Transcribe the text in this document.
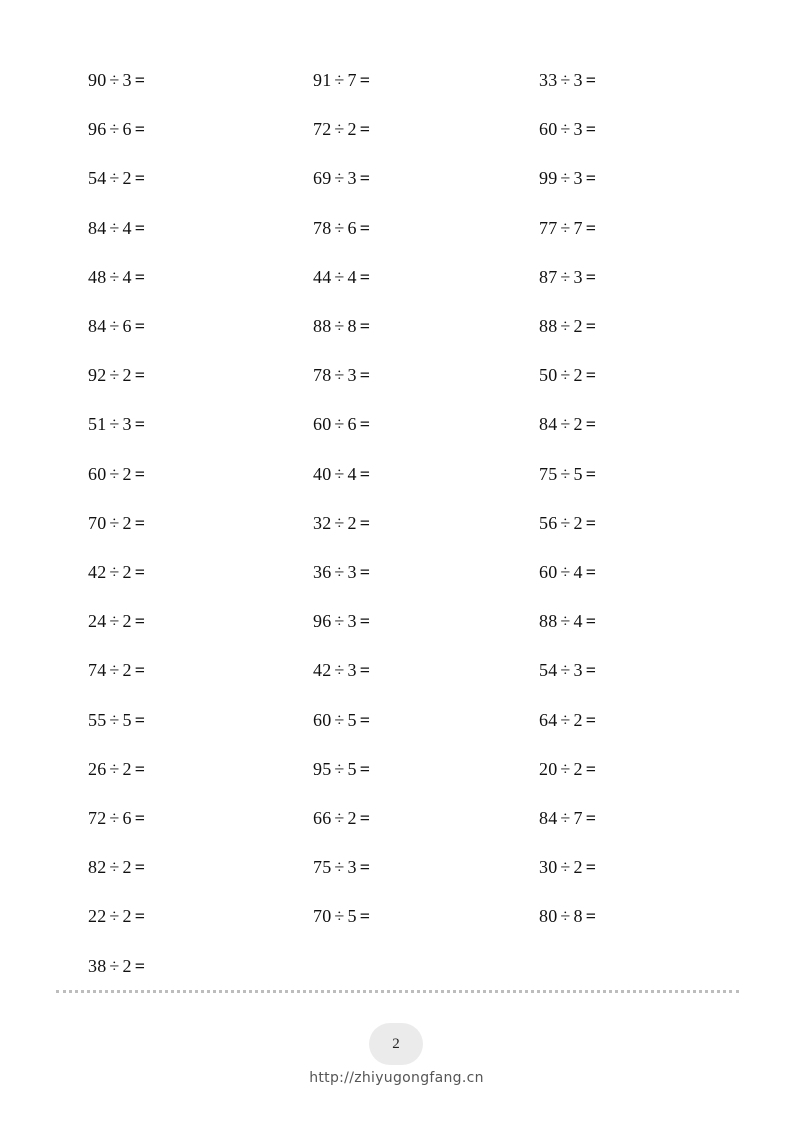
90 ÷ 3 =
96 ÷ 6 =
54 ÷ 2 =
84 ÷ 4 =
48 ÷ 4 =
84 ÷ 6 =
92 ÷ 2 =
51 ÷ 3 =
60 ÷ 2 =
70 ÷ 2 =
42 ÷ 2 =
24 ÷ 2 =
74 ÷ 2 =
55 ÷ 5 =
26 ÷ 2 =
72 ÷ 6 =
82 ÷ 2 =
22 ÷ 2 =
38 ÷ 2 =
91 ÷ 7 =
72 ÷ 2 =
69 ÷ 3 =
78 ÷ 6 =
44 ÷ 4 =
88 ÷ 8 =
78 ÷ 3 =
60 ÷ 6 =
40 ÷ 4 =
32 ÷ 2 =
36 ÷ 3 =
96 ÷ 3 =
42 ÷ 3 =
60 ÷ 5 =
95 ÷ 5 =
66 ÷ 2 =
75 ÷ 3 =
70 ÷ 5 =
33 ÷ 3 =
60 ÷ 3 =
99 ÷ 3 =
77 ÷ 7 =
87 ÷ 3 =
88 ÷ 2 =
50 ÷ 2 =
84 ÷ 2 =
75 ÷ 5 =
56 ÷ 2 =
60 ÷ 4 =
88 ÷ 4 =
54 ÷ 3 =
64 ÷ 2 =
20 ÷ 2 =
84 ÷ 7 =
30 ÷ 2 =
80 ÷ 8 =
2
http://zhiyugongfang.cn
